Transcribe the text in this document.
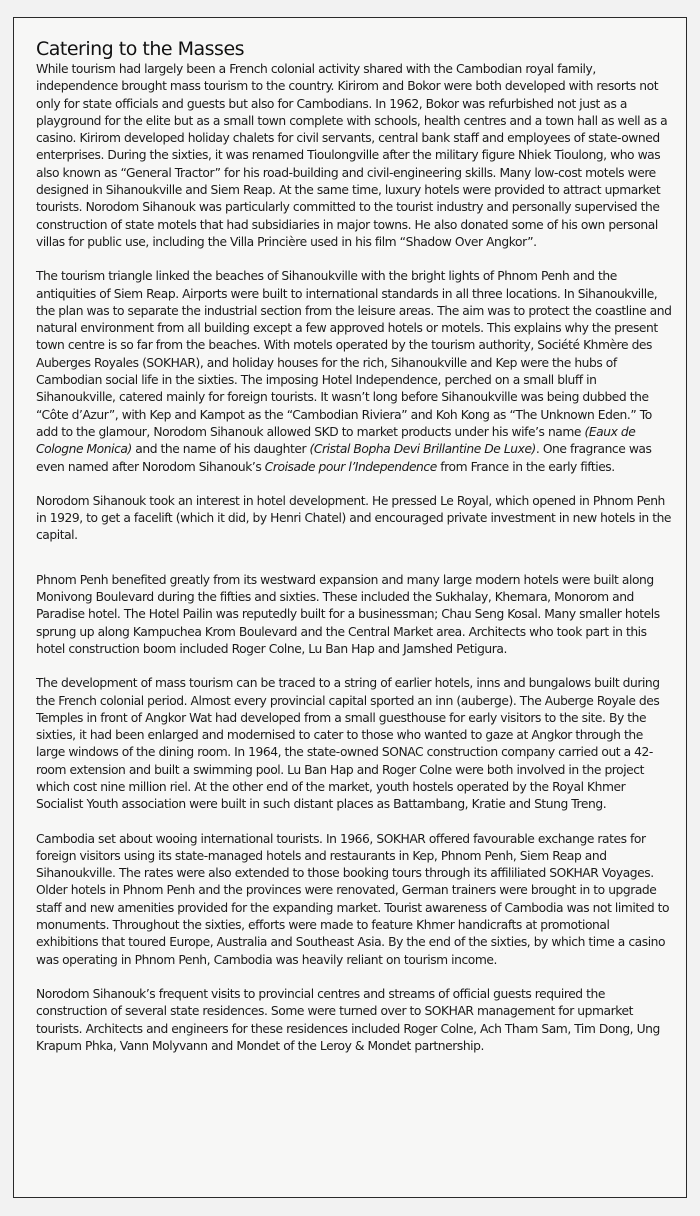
Catering to the Masses

While tourism had largely been a French colonial activity shared with the Cambodian royal family, independence brought mass tourism to the country. Kirirom and Bokor were both developed with resorts not only for state officials and guests but also for Cambodians. In 1962, Bokor was refurbished not just as a playground for the elite but as a small town complete with schools, health centres and a town hall as well as a casino. Kirirom developed holiday chalets for civil servants, central bank staff and employees of state-owned enterprises. During the sixties, it was renamed Tioulongville after the military figure Nhiek Tioulong, who was also known as “General Tractor” for his road-building and civil-engineering skills. Many low-cost motels were designed in Sihanoukville and Siem Reap. At the same time, luxury hotels were provided to attract upmarket tourists. Norodom Sihanouk was particularly committed to the tourist industry and personally supervised the construction of state motels that had subsidiaries in major towns. He also donated some of his own personal villas for public use, including the Villa Princière used in his film “Shadow Over Angkor”.

The tourism triangle linked the beaches of Sihanoukville with the bright lights of Phnom Penh and the antiquities of Siem Reap. Airports were built to international standards in all three locations. In Sihanoukville, the plan was to separate the industrial section from the leisure areas. The aim was to protect the coastline and natural environment from all building except a few approved hotels or motels. This explains why the present town centre is so far from the beaches. With motels operated by the tourism authority, Société Khmère des Auberges Royales (SOKHAR), and holiday houses for the rich, Sihanoukville and Kep were the hubs of Cambodian social life in the sixties. The imposing Hotel Independence, perched on a small bluff in Sihanoukville, catered mainly for foreign tourists. It wasn’t long before Sihanoukville was being dubbed the “Côte d’Azur”, with Kep and Kampot as the “Cambodian Riviera” and Koh Kong as “The Unknown Eden.” To add to the glamour, Norodom Sihanouk allowed SKD to market products under his wife’s name (Eaux de Cologne Monica) and the name of his daughter (Cristal Bopha Devi Brillantine De Luxe). One fragrance was even named after Norodom Sihanouk’s Croisade pour l’Independence from France in the early fifties.

Norodom Sihanouk took an interest in hotel development. He pressed Le Royal, which opened in Phnom Penh in 1929, to get a facelift (which it did, by Henri Chatel) and encouraged private investment in new hotels in the capital.

Phnom Penh benefited greatly from its westward expansion and many large modern hotels were built along Monivong Boulevard during the fifties and sixties. These included the Sukhalay, Khemara, Monorom and Paradise hotel. The Hotel Pailin was reputedly built for a businessman; Chau Seng Kosal. Many smaller hotels sprung up along Kampuchea Krom Boulevard and the Central Market area. Architects who took part in this hotel construction boom included Roger Colne, Lu Ban Hap and Jamshed Petigura.

The development of mass tourism can be traced to a string of earlier hotels, inns and bungalows built during the French colonial period. Almost every provincial capital sported an inn (auberge). The Auberge Royale des Temples in front of Angkor Wat had developed from a small guesthouse for early visitors to the site. By the sixties, it had been enlarged and modernised to cater to those who wanted to gaze at Angkor through the large windows of the dining room. In 1964, the state-owned SONAC construction company carried out a 42-room extension and built a swimming pool. Lu Ban Hap and Roger Colne were both involved in the project which cost nine million riel. At the other end of the market, youth hostels operated by the Royal Khmer Socialist Youth association were built in such distant places as Battambang, Kratie and Stung Treng.

Cambodia set about wooing international tourists. In 1966, SOKHAR offered favourable exchange rates for foreign visitors using its state-managed hotels and restaurants in Kep, Phnom Penh, Siem Reap and Sihanoukville. The rates were also extended to those booking tours through its affililiated SOKHAR Voyages. Older hotels in Phnom Penh and the provinces were renovated, German trainers were brought in to upgrade staff and new amenities provided for the expanding market. Tourist awareness of Cambodia was not limited to monuments. Throughout the sixties, efforts were made to feature Khmer handicrafts at promotional exhibitions that toured Europe, Australia and Southeast Asia. By the end of the sixties, by which time a casino was operating in Phnom Penh, Cambodia was heavily reliant on tourism income.

Norodom Sihanouk’s frequent visits to provincial centres and streams of official guests required the construction of several state residences. Some were turned over to SOKHAR management for upmarket tourists. Architects and engineers for these residences included Roger Colne, Ach Tham Sam, Tim Dong, Ung Krapum Phka, Vann Molyvann and Mondet of the Leroy & Mondet partnership.
